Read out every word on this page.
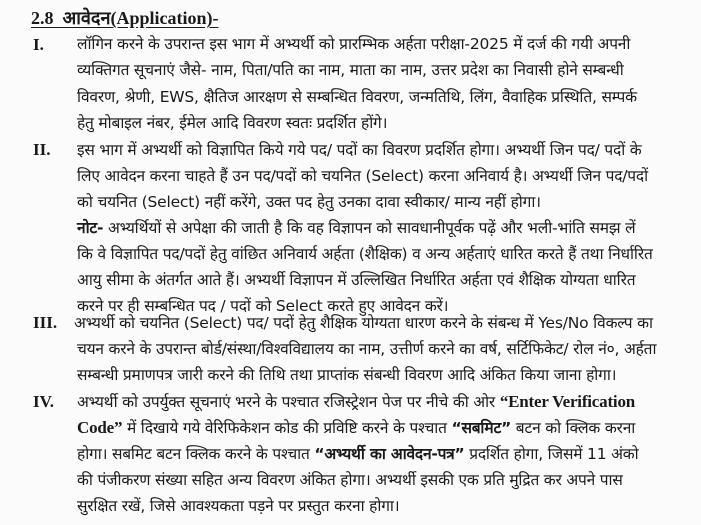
2.8 आवेदन(Application)-
I. लॉगिन करने के उपरान्त इस भाग में अभ्यर्थी को प्रारम्भिक अर्हता परीक्षा-2025 में दर्ज की गयी अपनी
व्यक्तिगत सूचनाएं जैसे- नाम, पिता/पति का नाम, माता का नाम, उत्तर प्रदेश का निवासी होने सम्बन्धी
विवरण, श्रेणी, EWS, क्षैतिज आरक्षण से सम्बन्धित विवरण, जन्मतिथि, लिंग, वैवाहिक प्रस्थिति, सम्पर्क
हेतु मोबाइल नंबर, ईमेल आदि विवरण स्वतः प्रदर्शित होंगे।
II. इस भाग में अभ्यर्थी को विज्ञापित किये गये पद/ पदों का विवरण प्रदर्शित होगा। अभ्यर्थी जिन पद/ पदों के
लिए आवेदन करना चाहते हैं उन पद/पदों को चयनित (Select) करना अनिवार्य है। अभ्यर्थी जिन पद/पदों
को चयनित (Select) नहीं करेंगे, उक्त पद हेतु उनका दावा स्वीकार/ मान्य नहीं होगा।
नोट- अभ्यर्थियों से अपेक्षा की जाती है कि वह विज्ञापन को सावधानीपूर्वक पढ़ें और भली-भांति समझ लें
कि वे विज्ञापित पद/पदों हेतु वांछित अनिवार्य अर्हता (शैक्षिक) व अन्य अर्हताएं धारित करते हैं तथा निर्धारित
आयु सीमा के अंतर्गत आते हैं। अभ्यर्थी विज्ञापन में उल्लिखित निर्धारित अर्हता एवं शैक्षिक योग्यता धारित
करने पर ही सम्बन्धित पद / पदों को Select करते हुए आवेदन करें।
III. अभ्यर्थी को चयनित (Select) पद/ पदों हेतु शैक्षिक योग्यता धारण करने के संबन्ध में Yes/No विकल्प का
चयन करने के उपरान्त बोर्ड/संस्था/विश्वविद्यालय का नाम, उत्तीर्ण करने का वर्ष, सर्टिफिकेट/ रोल नं०, अर्हता
सम्बन्धी प्रमाणपत्र जारी करने की तिथि तथा प्राप्तांक संबन्धी विवरण आदि अंकित किया जाना होगा।
IV. अभ्यर्थी को उपर्युक्त सूचनाएं भरने के पश्चात रजिस्ट्रेशन पेज पर नीचे की ओर “Enter Verification
Code” में दिखाये गये वेरिफिकेशन कोड की प्रविष्टि करने के पश्चात “सबमिट” बटन को क्लिक करना
होगा। सबमिट बटन क्लिक करने के पश्चात “अभ्यर्थी का आवेदन-पत्र” प्रदर्शित होगा, जिसमें 11 अंको
की पंजीकरण संख्या सहित अन्य विवरण अंकित होगा। अभ्यर्थी इसकी एक प्रति मुद्रित कर अपने पास
सुरक्षित रखें, जिसे आवश्यकता पड़ने पर प्रस्तुत करना होगा।
